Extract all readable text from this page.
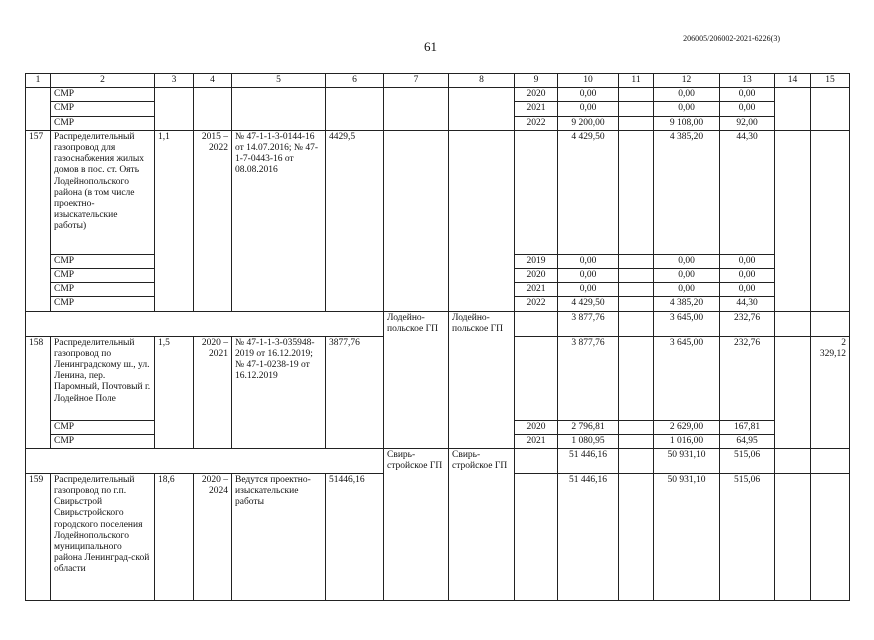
61
206005/206002-2021-6226(3)
1	2	3	4	5	6	7	8	9	10	11	12	13	14	15
	СМР							2020	0,00		0,00	0,00		
	СМР							2021	0,00		0,00	0,00		
	СМР							2022	9 200,00		9 108,00	92,00		
157	Распределительный газопровод для газоснабжения жилых домов в пос. ст. Оять Лодейнопольского района (в том числе проектно-изыскательские работы)	1,1	2015 – 2022	№ 47-1-1-3-0144-16 от 14.07.2016; № 47-1-7-0443-16 от 08.08.2016	4429,5				4 429,50		4 385,20	44,30		
	СМР							2019	0,00		0,00	0,00		
	СМР							2020	0,00		0,00	0,00		
	СМР							2021	0,00		0,00	0,00		
	СМР							2022	4 429,50		4 385,20	44,30		
						Лодейно-польское ГП	Лодейно-польское ГП		3 877,76		3 645,00	232,76		
158	Распределительный газопровод по Ленинградскому ш., ул. Ленина, пер. Паромный, Почтовый г. Лодейное Поле	1,5	2020 – 2021	№ 47-1-1-3-035948-2019 от 16.12.2019; № 47-1-0238-19 от 16.12.2019	3877,76				3 877,76		3 645,00	232,76		2 329,12
	СМР							2020	2 796,81		2 629,00	167,81		
	СМР							2021	1 080,95		1 016,00	64,95		
						Свирь-стройское ГП	Свирь-стройское ГП		51 446,16		50 931,10	515,06		
159	Распределительный газопровод по г.п. Свирьстрой Свирьстройского городского поселения Лодейнопольского муниципального района Ленинград-ской области	18,6	2020 – 2024	Ведутся проектно-изыскательские работы	51446,16				51 446,16		50 931,10	515,06		
